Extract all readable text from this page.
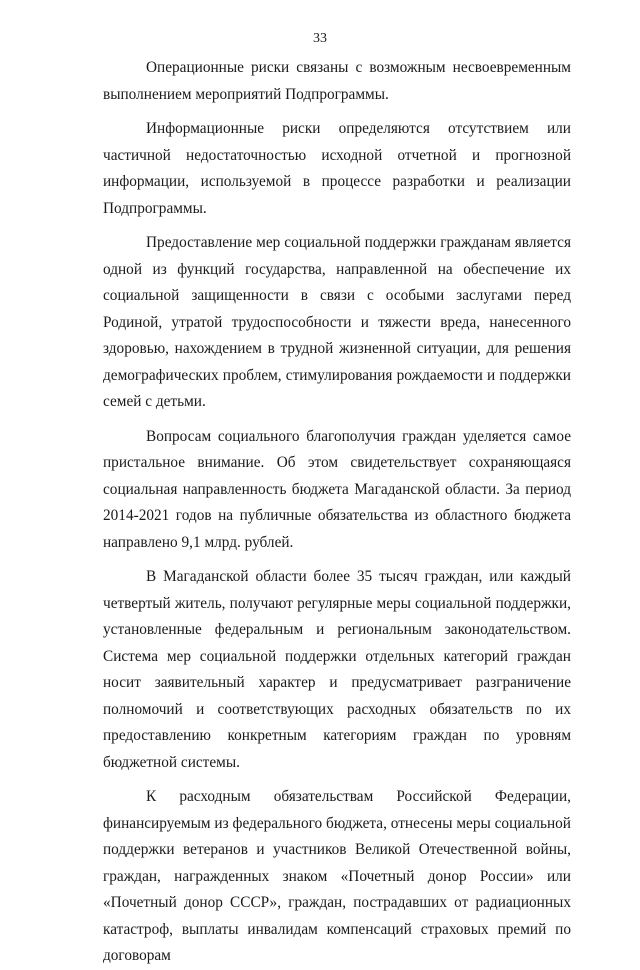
33

Операционные риски связаны с возможным несвоевременным выполнением мероприятий Подпрограммы.

Информационные риски определяются отсутствием или частичной недостаточностью исходной отчетной и прогнозной информации, используемой в процессе разработки и реализации Подпрограммы.

Предоставление мер социальной поддержки гражданам является одной из функций государства, направленной на обеспечение их социальной защищенности в связи с особыми заслугами перед Родиной, утратой трудоспособности и тяжести вреда, нанесенного здоровью, нахождением в трудной жизненной ситуации, для решения демографических проблем, стимулирования рождаемости и поддержки семей с детьми.

Вопросам социального благополучия граждан уделяется самое пристальное внимание. Об этом свидетельствует сохраняющаяся социальная направленность бюджета Магаданской области. За период 2014-2021 годов на публичные обязательства из областного бюджета направлено 9,1 млрд. рублей.

В Магаданской области более 35 тысяч граждан, или каждый четвертый житель, получают регулярные меры социальной поддержки, установленные федеральным и региональным законодательством. Система мер социальной поддержки отдельных категорий граждан носит заявительный характер и предусматривает разграничение полномочий и соответствующих расходных обязательств по их предоставлению конкретным категориям граждан по уровням бюджетной системы.

К расходным обязательствам Российской Федерации, финансируемым из федерального бюджета, отнесены меры социальной поддержки ветеранов и участников Великой Отечественной войны, граждан, награжденных знаком «Почетный донор России» или «Почетный донор СССР», граждан, пострадавших от радиационных катастроф, выплаты инвалидам компенсаций страховых премий по договорам
